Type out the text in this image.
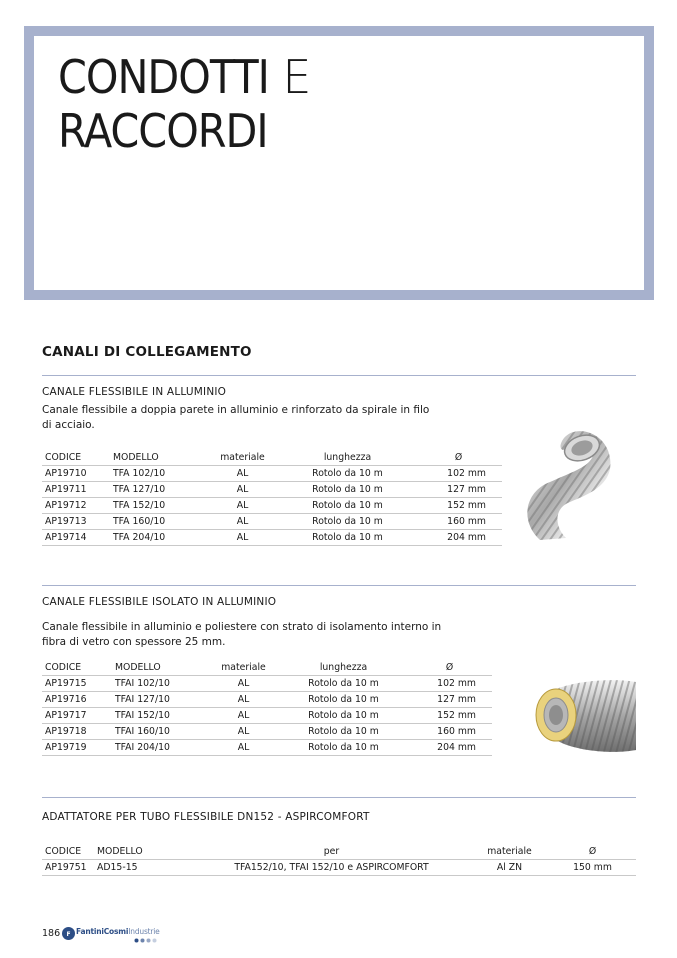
CONDOTTI E
RACCORDI
CANALI DI COLLEGAMENTO
CANALE FLESSIBILE IN ALLUMINIO
Canale flessibile a doppia parete in alluminio e rinforzato da spirale in filo di acciaio.
CODICE	MODELLO	materiale	lunghezza	Ø
AP19710	TFA 102/10	AL	Rotolo da 10 m	102 mm
AP19711	TFA 127/10	AL	Rotolo da 10 m	127 mm
AP19712	TFA 152/10	AL	Rotolo da 10 m	152 mm
AP19713	TFA 160/10	AL	Rotolo da 10 m	160 mm
AP19714	TFA 204/10	AL	Rotolo da 10 m	204 mm
CANALE FLESSIBILE ISOLATO IN ALLUMINIO
Canale flessibile in alluminio e poliestere con strato di isolamento interno in fibra di vetro con spessore 25 mm.
CODICE	MODELLO	materiale	lunghezza	Ø
AP19715	TFAI 102/10	AL	Rotolo da 10 m	102 mm
AP19716	TFAI 127/10	AL	Rotolo da 10 m	127 mm
AP19717	TFAI 152/10	AL	Rotolo da 10 m	152 mm
AP19718	TFAI 160/10	AL	Rotolo da 10 m	160 mm
AP19719	TFAI 204/10	AL	Rotolo da 10 m	204 mm
ADATTATORE PER TUBO FLESSIBILE DN152 - ASPIRCOMFORT
CODICE	MODELLO	per	materiale	Ø
AP19751	AD15-15	TFA152/10, TFAI 152/10 e ASPIRCOMFORT	Al ZN	150 mm
186 F FantiniCosmiIndustrie
